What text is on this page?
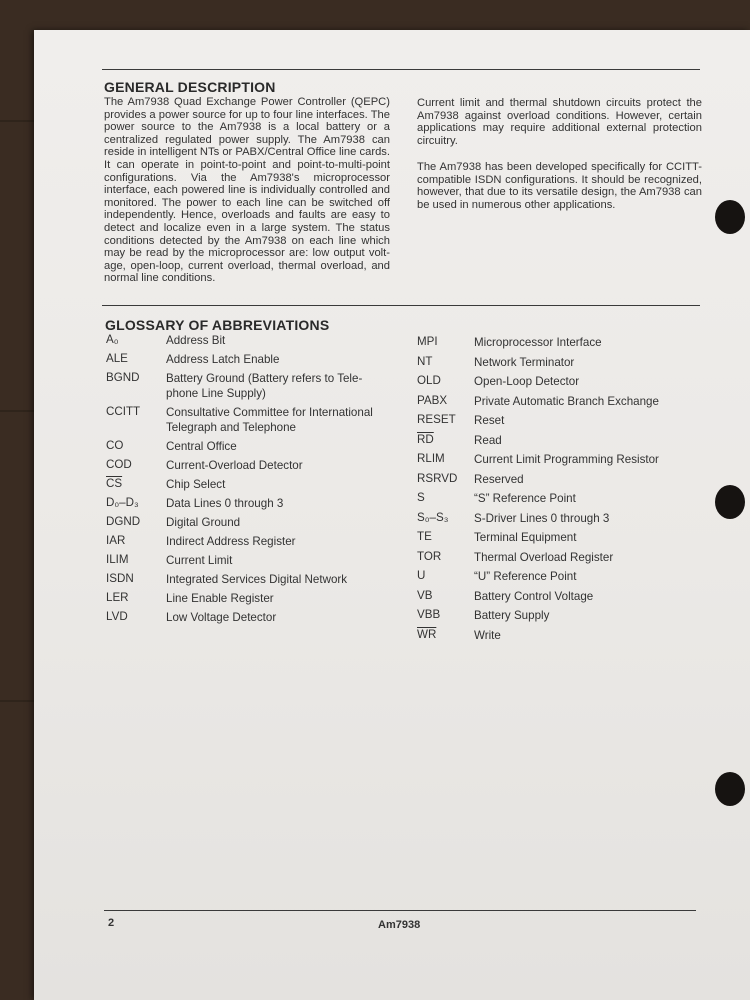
GENERAL DESCRIPTION

The Am7938 Quad Exchange Power Controller (QEPC) provides a power source for up to four line interfaces. The power source to the Am7938 is a local battery or a centralized regulated power supply. The Am7938 can reside in intelligent NTs or PABX/Central Office line cards. It can operate in point-to-point and point-to-multi-point configurations. Via the Am7938's microprocessor interface, each powered line is individually controlled and monitored. The power to each line can be switched off independently. Hence, overloads and faults are easy to detect and localize even in a large system. The status conditions detected by the Am7938 on each line which may be read by the microprocessor are: low output volt-age, open-loop, current overload, thermal overload, and normal line conditions.

Current limit and thermal shutdown circuits protect the Am7938 against overload conditions. However, certain applications may require additional external protection circuitry.

The Am7938 has been developed specifically for CCITT-compatible ISDN configurations. It should be recognized, however, that due to its versatile design, the Am7938 can be used in numerous other applications.

GLOSSARY OF ABBREVIATIONS
A₀	Address Bit
ALE	Address Latch Enable
BGND Battery Ground (Battery refers to Tele-phone Line Supply)
CCITT Consultative Committee for International Telegraph and Telephone
CO	Central Office
COD	Current-Overload Detector
$\overline{CS}$	Chip Select
D₀–D₃ Data Lines 0 through 3
DGND Digital Ground
IAR	Indirect Address Register
ILIM	Current Limit
ISDN	Integrated Services Digital Network
LER	Line Enable Register
LVD	Low Voltage Detector
MPI	Microprocessor Interface
NT	Network Terminator
OLD	Open-Loop Detector
PABX Private Automatic Branch Exchange
RESET Reset
$\overline{RD}$	Read
RLIM	Current Limit Programming Resistor
RSRVD Reserved
S	“S” Reference Point
S₀–S₃ S-Driver Lines 0 through 3
TE	Terminal Equipment
TOR	Thermal Overload Register
U	“U” Reference Point
VB	Battery Control Voltage
VBB	Battery Supply
$\overline{WR}$	Write
2	Am7938
